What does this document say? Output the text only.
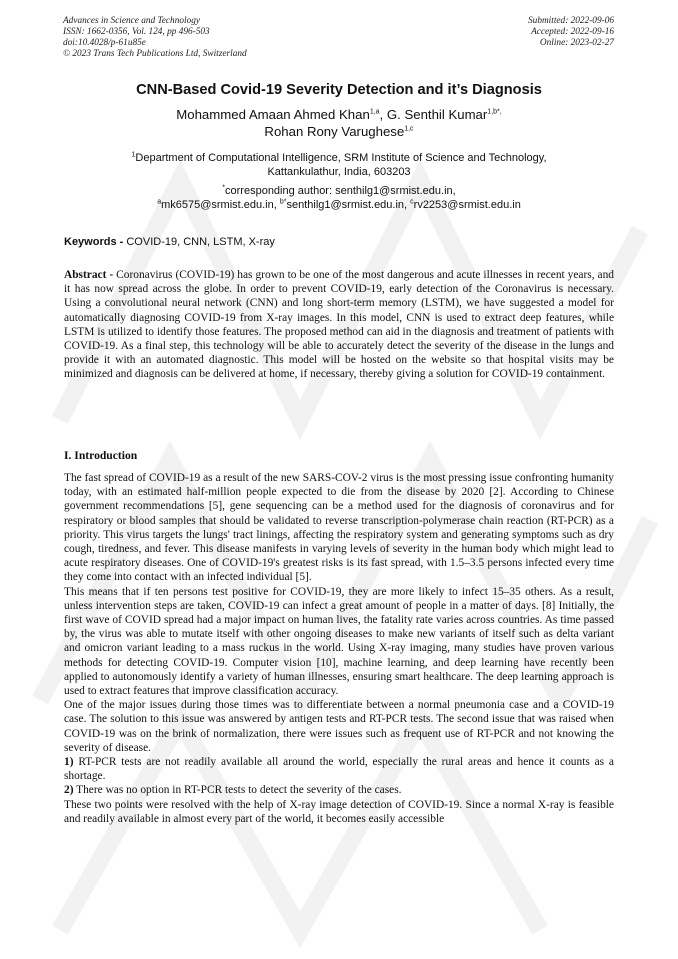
Advances in Science and Technology
ISSN: 1662-0356, Vol. 124, pp 496-503
doi:10.4028/p-61u85e
© 2023 Trans Tech Publications Ltd, Switzerland
Submitted: 2022-09-06
Accepted: 2022-09-16
Online: 2023-02-27
CNN-Based Covid-19 Severity Detection and it’s Diagnosis
Mohammed Amaan Ahmed Khan$^{1,a}$, G. Senthil Kumar$^{1,b*,}$
Rohan Rony Varughese$^{1,c}$
$^1$Department of Computational Intelligence, SRM Institute of Science and Technology,
Kattankulathur, India, 603203
*corresponding author: senthilg1@srmist.edu.in,
$^a$mk6575@srmist.edu.in, $^{b*}$senthilg1@srmist.edu.in, $^c$rv2253@srmist.edu.in
Keywords - COVID-19, CNN, LSTM, X-ray
Abstract - Coronavirus (COVID-19) has grown to be one of the most dangerous and acute illnesses in recent years, and it has now spread across the globe. In order to prevent COVID-19, early detection of the Coronavirus is necessary. Using a convolutional neural network (CNN) and long short-term memory (LSTM), we have suggested a model for automatically diagnosing COVID-19 from X-ray images. In this model, CNN is used to extract deep features, while LSTM is utilized to identify those features. The proposed method can aid in the diagnosis and treatment of patients with COVID-19. As a final step, this technology will be able to accurately detect the severity of the disease in the lungs and provide it with an automated diagnostic. This model will be hosted on the website so that hospital visits may be minimized and diagnosis can be delivered at home, if necessary, thereby giving a solution for COVID-19 containment.
I. Introduction

The fast spread of COVID-19 as a result of the new SARS-COV-2 virus is the most pressing issue confronting humanity today, with an estimated half-million people expected to die from the disease by 2020 [2]. According to Chinese government recommendations [5], gene sequencing can be a method used for the diagnosis of coronavirus and for respiratory or blood samples that should be validated to reverse transcription-polymerase chain reaction (RT-PCR) as a priority. This virus targets the lungs' tract linings, affecting the respiratory system and generating symptoms such as dry cough, tiredness, and fever. This disease manifests in varying levels of severity in the human body which might lead to acute respiratory diseases. One of COVID-19's greatest risks is its fast spread, with 1.5–3.5 persons infected every time they come into contact with an infected individual [5].

This means that if ten persons test positive for COVID-19, they are more likely to infect 15–35 others. As a result, unless intervention steps are taken, COVID-19 can infect a great amount of people in a matter of days. [8] Initially, the first wave of COVID spread had a major impact on human lives, the fatality rate varies across countries. As time passed by, the virus was able to mutate itself with other ongoing diseases to make new variants of itself such as delta variant and omicron variant leading to a mass ruckus in the world. Using X-ray imaging, many studies have proven various methods for detecting COVID-19. Computer vision [10], machine learning, and deep learning have recently been applied to autonomously identify a variety of human illnesses, ensuring smart healthcare. The deep learning approach is used to extract features that improve classification accuracy.

One of the major issues during those times was to differentiate between a normal pneumonia case and a COVID-19 case. The solution to this issue was answered by antigen tests and RT-PCR tests. The second issue that was raised when COVID-19 was on the brink of normalization, there were issues such as frequent use of RT-PCR and not knowing the severity of disease.

1) RT-PCR tests are not readily available all around the world, especially the rural areas and hence it counts as a shortage.

2) There was no option in RT-PCR tests to detect the severity of the cases.

These two points were resolved with the help of X-ray image detection of COVID-19. Since a normal X-ray is feasible and readily available in almost every part of the world, it becomes easily accessible
